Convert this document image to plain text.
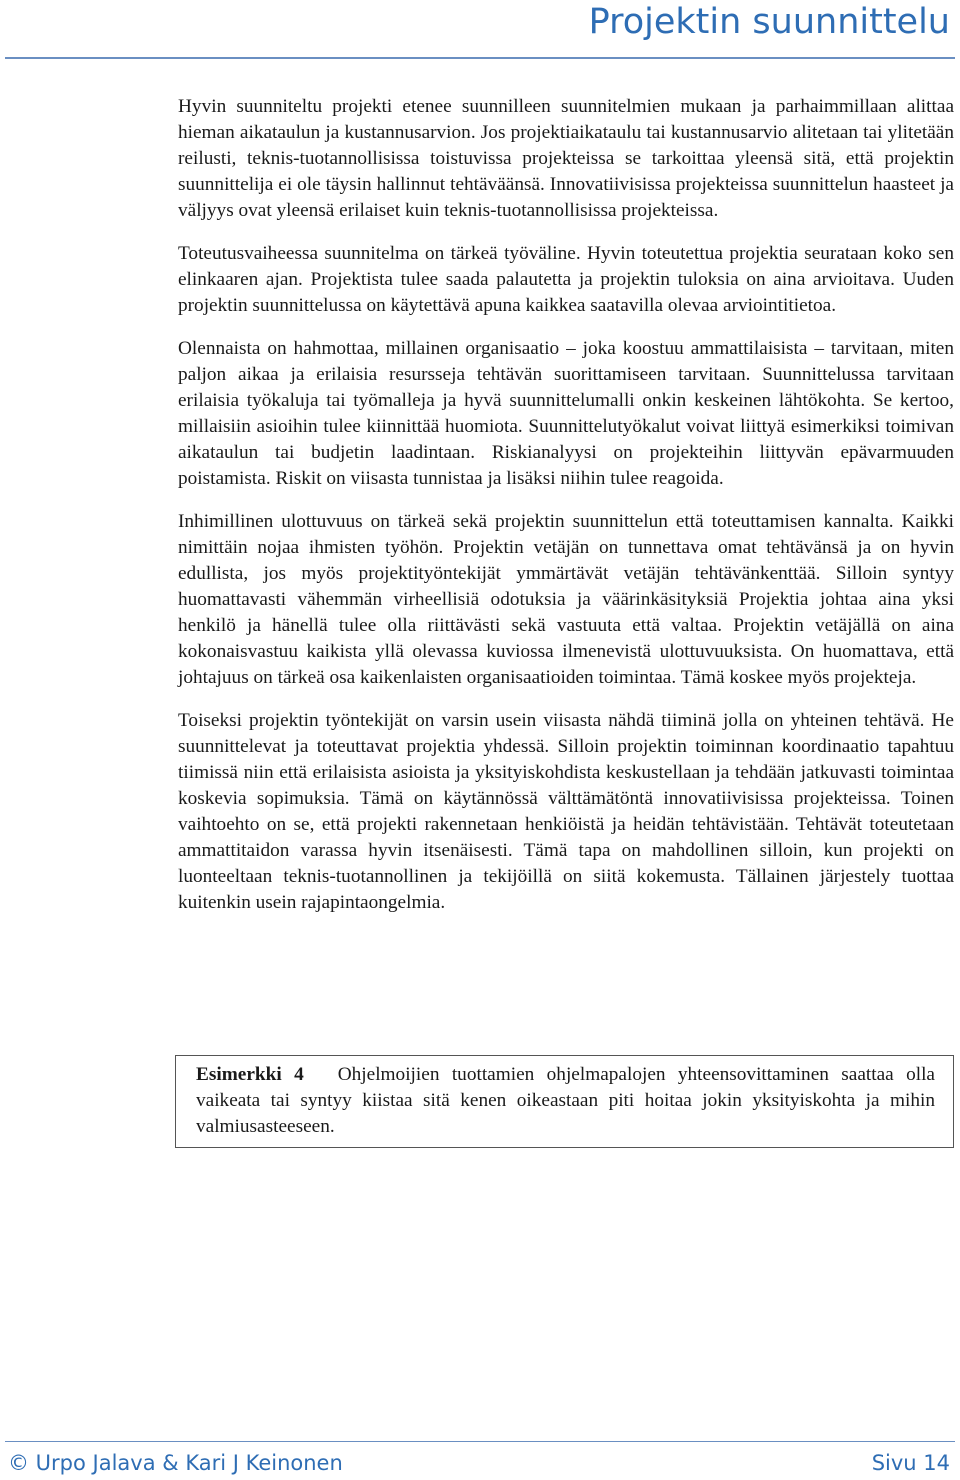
Projektin suunnittelu

Hyvin suunniteltu projekti etenee suunnilleen suunnitelmien mukaan ja parhaimmillaan alittaa hieman aikataulun ja kustannusarvion. Jos projektiaikataulu tai kustannusarvio alitetaan tai ylitetään reilusti, teknis-tuotannollisissa toistuvissa projekteissa se tarkoittaa yleensä sitä, että projektin suunnittelija ei ole täysin hallinnut tehtäväänsä. Innovatiivisissa projekteissa suunnittelun haasteet ja väljyys ovat yleensä erilaiset kuin teknis-tuotannollisissa projekteissa.

Toteutusvaiheessa suunnitelma on tärkeä työväline. Hyvin toteutettua projektia seurataan koko sen elinkaaren ajan. Projektista tulee saada palautetta ja projektin tuloksia on aina arvioitava. Uuden projektin suunnittelussa on käytettävä apuna kaikkea saatavilla olevaa arviointitietoa.

Olennaista on hahmottaa, millainen organisaatio – joka koostuu ammattilaisista – tarvitaan, miten paljon aikaa ja erilaisia resursseja tehtävän suorittamiseen tarvitaan. Suunnittelussa tarvitaan erilaisia työkaluja tai työmalleja ja hyvä suunnittelumalli onkin keskeinen lähtökohta. Se kertoo, millaisiin asioihin tulee kiinnittää huomiota. Suunnittelutyökalut voivat liittyä esimerkiksi toimivan aikataulun tai budjetin laadintaan. Riskianalyysi on projekteihin liittyvän epävarmuuden poistamista. Riskit on viisasta tunnistaa ja lisäksi niihin tulee reagoida.

Inhimillinen ulottuvuus on tärkeä sekä projektin suunnittelun että toteuttamisen kannalta. Kaikki nimittäin nojaa ihmisten työhön. Projektin vetäjän on tunnettava omat tehtävänsä ja on hyvin edullista, jos myös projektityöntekijät ymmärtävät vetäjän tehtävänkenttää. Silloin syntyy huomattavasti vähemmän virheellisiä odotuksia ja väärinkäsityksiä Projektia johtaa aina yksi henkilö ja hänellä tulee olla riittävästi sekä vastuuta että valtaa. Projektin vetäjällä on aina kokonaisvastuu kaikista yllä olevassa kuviossa ilmenevistä ulottuvuuksista. On huomattava, että johtajuus on tärkeä osa kaikenlaisten organisaatioiden toimintaa. Tämä koskee myös projekteja.

Toiseksi projektin työntekijät on varsin usein viisasta nähdä tiiminä jolla on yhteinen tehtävä. He suunnittelevat ja toteuttavat projektia yhdessä. Silloin projektin toiminnan koordinaatio tapahtuu tiimissä niin että erilaisista asioista ja yksityiskohdista keskustellaan ja tehdään jatkuvasti toimintaa koskevia sopimuksia. Tämä on käytännössä välttämätöntä innovatiivisissa projekteissa. Toinen vaihtoehto on se, että projekti rakennetaan henkiöistä ja heidän tehtävistään. Tehtävät toteutetaan ammattitaidon varassa hyvin itsenäisesti. Tämä tapa on mahdollinen silloin, kun projekti on luonteeltaan teknis-tuotannollinen ja tekijöillä on siitä kokemusta. Tällainen järjestely tuottaa kuitenkin usein rajapintaongelmia.

Esimerkki 4 Ohjelmoijien tuottamien ohjelmapalojen yhteensovittaminen saattaa olla vaikeata tai syntyy kiistaa sitä kenen oikeastaan piti hoitaa jokin yksityiskohta ja mihin valmiusasteeseen.
© Urpo Jalava & Kari J Keinonen	Sivu 14
